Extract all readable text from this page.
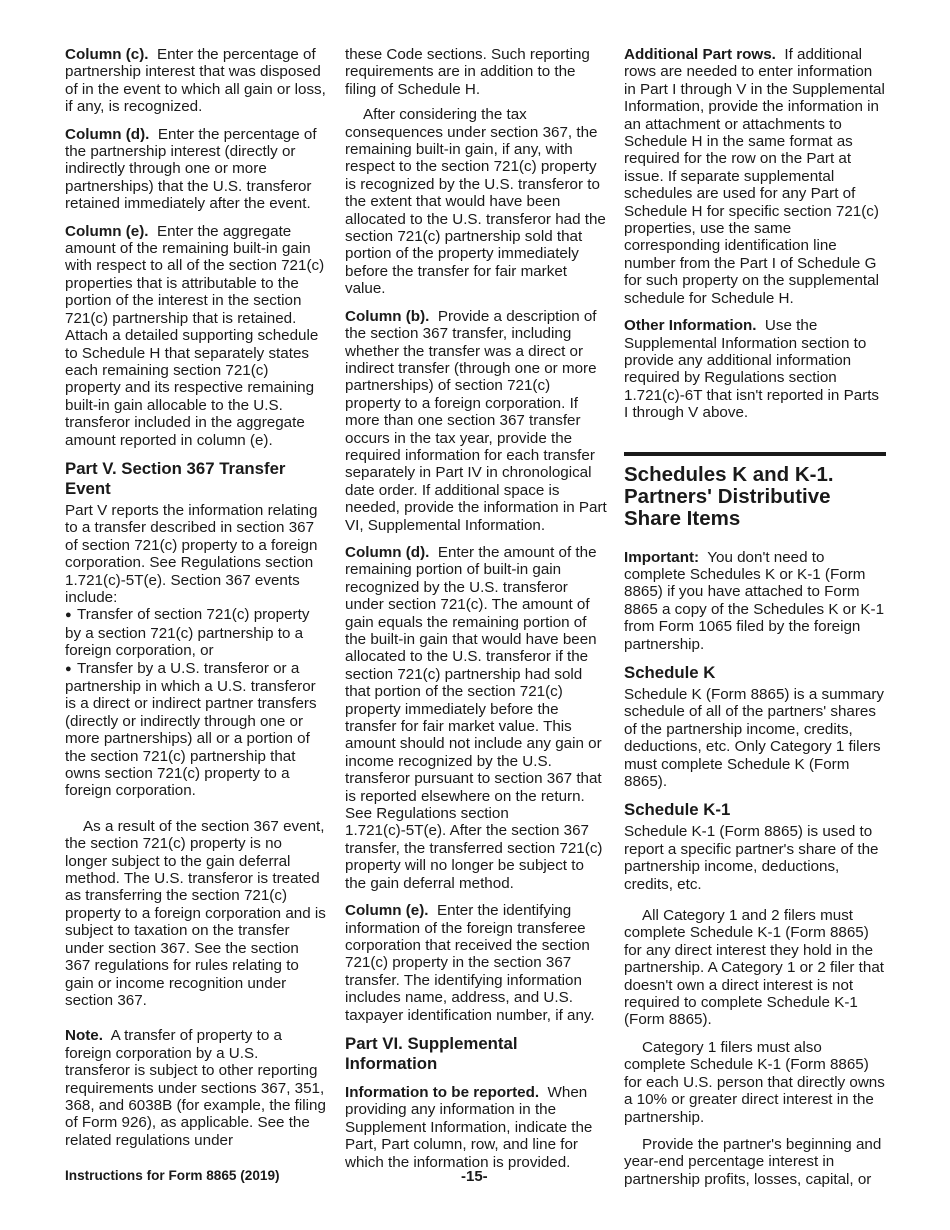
Column (c). Enter the percentage of partnership interest that was disposed of in the event to which all gain or loss, if any, is recognized.

Column (d). Enter the percentage of the partnership interest (directly or indirectly through one or more partnerships) that the U.S. transferor retained immediately after the event.

Column (e). Enter the aggregate amount of the remaining built-in gain with respect to all of the section 721(c) properties that is attributable to the portion of the interest in the section 721(c) partnership that is retained. Attach a detailed supporting schedule to Schedule H that separately states each remaining section 721(c) property and its respective remaining built-in gain allocable to the U.S. transferor included in the aggregate amount reported in column (e).

Part V. Section 367 Transfer Event

Part V reports the information relating to a transfer described in section 367 of section 721(c) property to a foreign corporation. See Regulations section 1.721(c)-5T(e). Section 367 events include:

● Transfer of section 721(c) property by a section 721(c) partnership to a foreign corporation, or

● Transfer by a U.S. transferor or a partnership in which a U.S. transferor is a direct or indirect partner transfers (directly or indirectly through one or more partnerships) all or a portion of the section 721(c) partnership that owns section 721(c) property to a foreign corporation.

As a result of the section 367 event, the section 721(c) property is no longer subject to the gain deferral method. The U.S. transferor is treated as transferring the section 721(c) property to a foreign corporation and is subject to taxation on the transfer under section 367. See the section 367 regulations for rules relating to gain or income recognition under section 367.

Note. A transfer of property to a foreign corporation by a U.S. transferor is subject to other reporting requirements under sections 367, 351, 368, and 6038B (for example, the filing of Form 926), as applicable. See the related regulations under

these Code sections. Such reporting requirements are in addition to the filing of Schedule H.

After considering the tax consequences under section 367, the remaining built-in gain, if any, with respect to the section 721(c) property is recognized by the U.S. transferor to the extent that would have been allocated to the U.S. transferor had the section 721(c) partnership sold that portion of the property immediately before the transfer for fair market value.

Column (b). Provide a description of the section 367 transfer, including whether the transfer was a direct or indirect transfer (through one or more partnerships) of section 721(c) property to a foreign corporation. If more than one section 367 transfer occurs in the tax year, provide the required information for each transfer separately in Part IV in chronological date order. If additional space is needed, provide the information in Part VI, Supplemental Information.

Column (d). Enter the amount of the remaining portion of built-in gain recognized by the U.S. transferor under section 721(c). The amount of gain equals the remaining portion of the built-in gain that would have been allocated to the U.S. transferor if the section 721(c) partnership had sold that portion of the section 721(c) property immediately before the transfer for fair market value. This amount should not include any gain or income recognized by the U.S. transferor pursuant to section 367 that is reported elsewhere on the return. See Regulations section 1.721(c)-5T(e). After the section 367 transfer, the transferred section 721(c) property will no longer be subject to the gain deferral method.

Column (e). Enter the identifying information of the foreign transferee corporation that received the section 721(c) property in the section 367 transfer. The identifying information includes name, address, and U.S. taxpayer identification number, if any.

Part VI. Supplemental Information

Information to be reported. When providing any information in the Supplement Information, indicate the Part, Part column, row, and line for which the information is provided.

Additional Part rows. If additional rows are needed to enter information in Part I through V in the Supplemental Information, provide the information in an attachment or attachments to Schedule H in the same format as required for the row on the Part at issue. If separate supplemental schedules are used for any Part of Schedule H for specific section 721(c) properties, use the same corresponding identification line number from the Part I of Schedule G for such property on the supplemental schedule for Schedule H.

Other Information. Use the Supplemental Information section to provide any additional information required by Regulations section 1.721(c)-6T that isn't reported in Parts I through V above.

Schedules K and K-1. Partners' Distributive Share Items

Important: You don't need to complete Schedules K or K-1 (Form 8865) if you have attached to Form 8865 a copy of the Schedules K or K-1 from Form 1065 filed by the foreign partnership.

Schedule K

Schedule K (Form 8865) is a summary schedule of all of the partners' shares of the partnership income, credits, deductions, etc. Only Category 1 filers must complete Schedule K (Form 8865).

Schedule K-1

Schedule K-1 (Form 8865) is used to report a specific partner's share of the partnership income, deductions, credits, etc.

All Category 1 and 2 filers must complete Schedule K-1 (Form 8865) for any direct interest they hold in the partnership. A Category 1 or 2 filer that doesn't own a direct interest is not required to complete Schedule K-1 (Form 8865).

Category 1 filers must also complete Schedule K-1 (Form 8865) for each U.S. person that directly owns a 10% or greater direct interest in the partnership.

Provide the partner's beginning and year-end percentage interest in partnership profits, losses, capital, or

Instructions for Form 8865 (2019)	-15-
